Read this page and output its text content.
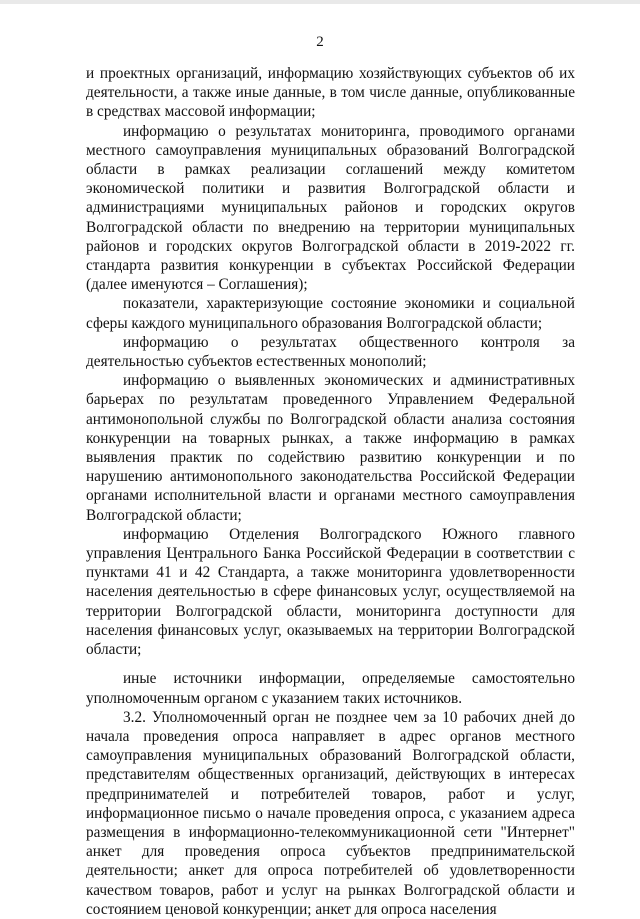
2

и проектных организаций, информацию хозяйствующих субъектов об их деятельности, а также иные данные, в том числе данные, опубликованные в средствах массовой информации;

информацию о результатах мониторинга, проводимого органами местного самоуправления муниципальных образований Волгоградской области в рамках реализации соглашений между комитетом экономической политики и развития Волгоградской области и администрациями муниципальных районов и городских округов Волгоградской области по внедрению на территории муниципальных районов и городских округов Волгоградской области в 2019-2022 гг. стандарта развития конкуренции в субъектах Российской Федерации (далее именуются – Соглашения);

показатели, характеризующие состояние экономики и социальной сферы каждого муниципального образования Волгоградской области;

информацию о результатах общественного контроля за деятельностью субъектов естественных монополий;

информацию о выявленных экономических и административных барьерах по результатам проведенного Управлением Федеральной антимонопольной службы по Волгоградской области анализа состояния конкуренции на товарных рынках, а также информацию в рамках выявления практик по содействию развитию конкуренции и по нарушению антимонопольного законодательства Российской Федерации органами исполнительной власти и органами местного самоуправления Волгоградской области;

информацию Отделения Волгоградского Южного главного управления Центрального Банка Российской Федерации в соответствии с пунктами 41 и 42 Стандарта, а также мониторинга удовлетворенности населения деятельностью в сфере финансовых услуг, осуществляемой на территории Волгоградской области, мониторинга доступности для населения финансовых услуг, оказываемых на территории Волгоградской области;

иные источники информации, определяемые самостоятельно уполномоченным органом с указанием таких источников.

3.2. Уполномоченный орган не позднее чем за 10 рабочих дней до начала проведения опроса направляет в адрес органов местного самоуправления муниципальных образований Волгоградской области, представителям общественных организаций, действующих в интересах предпринимателей и потребителей товаров, работ и услуг, информационное письмо о начале проведения опроса, с указанием адреса размещения в информационно-телекоммуникационной сети "Интернет" анкет для проведения опроса субъектов предпринимательской деятельности; анкет для опроса потребителей об удовлетворенности качеством товаров, работ и услуг на рынках Волгоградской области и состоянием ценовой конкуренции; анкет для опроса населения
